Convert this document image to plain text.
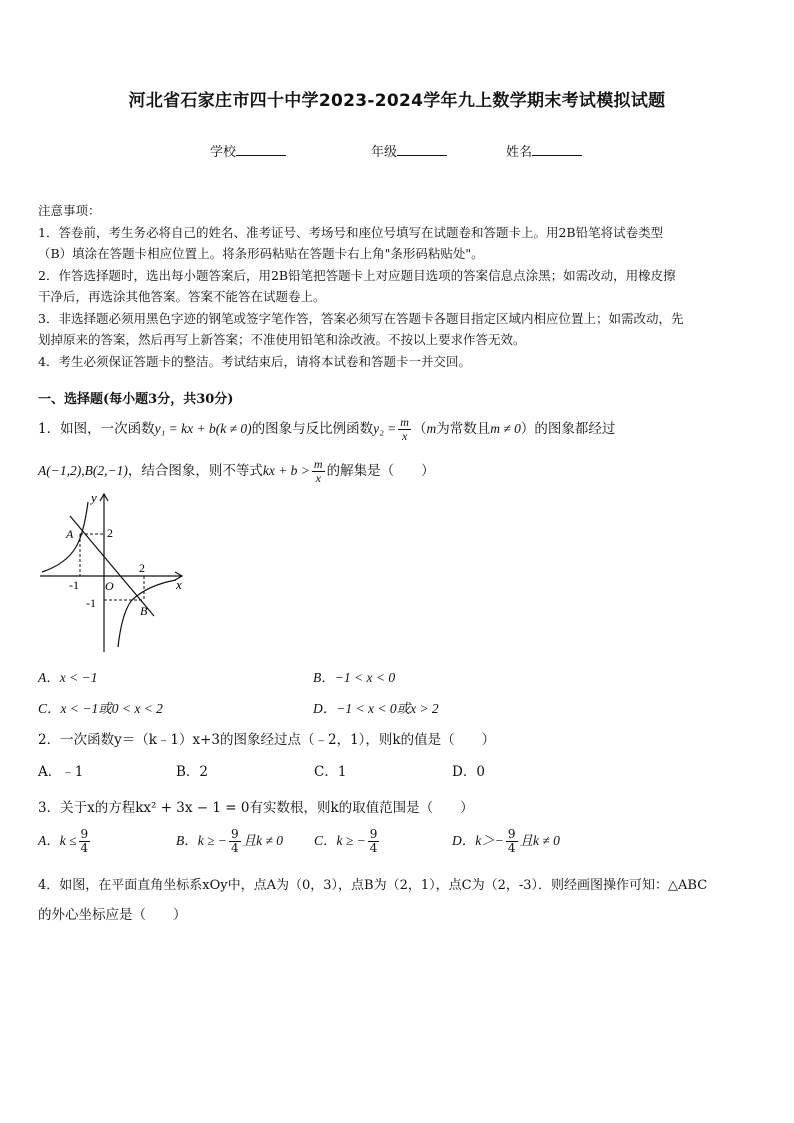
河北省石家庄市四十中学2023-2024学年九上数学期末考试模拟试题
学校	年级	姓名

注意事项：

1．答卷前，考生务必将自己的姓名、准考证号、考场号和座位号填写在试题卷和答题卡上。用2B铅笔将试卷类型

（B）填涂在答题卡相应位置上。将条形码粘贴在答题卡右上角"条形码粘贴处"。

2．作答选择题时，选出每小题答案后，用2B铅笔把答题卡上对应题目选项的答案信息点涂黑；如需改动，用橡皮擦

干净后，再选涂其他答案。答案不能答在试题卷上。

3．非选择题必须用黑色字迹的钢笔或签字笔作答，答案必须写在答题卡各题目指定区域内相应位置上；如需改动，先

划掉原来的答案，然后再写上新答案；不准使用铅笔和涂改液。不按以上要求作答无效。

4．考生必须保证答题卡的整洁。考试结束后，请将本试卷和答题卡一并交回。

一、选择题(每小题3分，共30分)
1．如图，一次函数y₁ = kx + b(k ≠ 0)的图象与反比例函数$y_2 = \frac{m}{x} (m$为常数且m ≠ 0）的图象都经过
A(−1,2),B(2,−1)，结合图象，则不等式kx + $b > \frac{m}{x}$ 的解集是（　　）
y
x
O
A
B
-1
2
2
-1
A．x < −1	B．−1 < x < 0
C．x < −1或0 < x < 2	D．−1 < x < 0或x > 2
2．一次函数y＝（k﹣1）x+3的图象经过点（﹣2，1），则k的值是（　　）
A．﹣1	B．2	C．1	D．0
3．关于x的方程kx² + 3x − 1 = 0有实数根，则k的取值范围是（　　）
A．$k \le \frac{9}{4}$	B．k ≥ − $\frac{9}{4}$ 且k ≠ 0 C．k ≥ − $\frac{9}{4}$	D．$k>- \frac{9}{4}$ 且k ≠ 0
4．如图，在平面直角坐标系xOy中，点A为（0，3），点B为（2，1），点C为（2，-3）．则经画图操作可知：△ABC
的外心坐标应是（　　）
